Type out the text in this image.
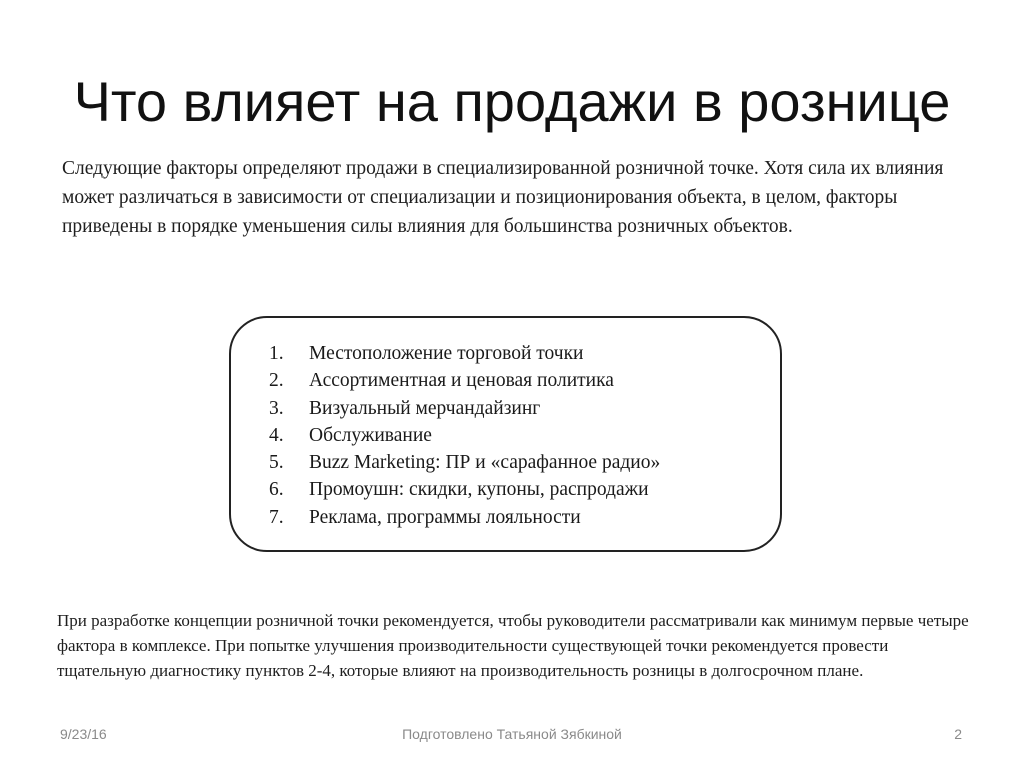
Что влияет на продажи в рознице
Следующие факторы определяют продажи в специализированной розничной точке. Хотя сила их влияния может различаться в зависимости от специализации и позиционирования объекта, в целом, факторы приведены в порядке уменьшения силы влияния для большинства розничных объектов.
1. Местоположение торговой точки
2. Ассортиментная и ценовая политика
3. Визуальный мерчандайзинг
4. Обслуживание
5. Buzz Marketing: ПР и «сарафанное радио»
6. Промоушн: скидки, купоны, распродажи
7. Реклама, программы лояльности
При разработке концепции розничной точки рекомендуется, чтобы руководители рассматривали как минимум первые четыре фактора в комплексе. При попытке улучшения производительности существующей точки рекомендуется провести тщательную диагностику пунктов 2-4, которые влияют на производительность розницы в долгосрочном плане.
9/23/16	Подготовлено Татьяной Зябкиной	2
